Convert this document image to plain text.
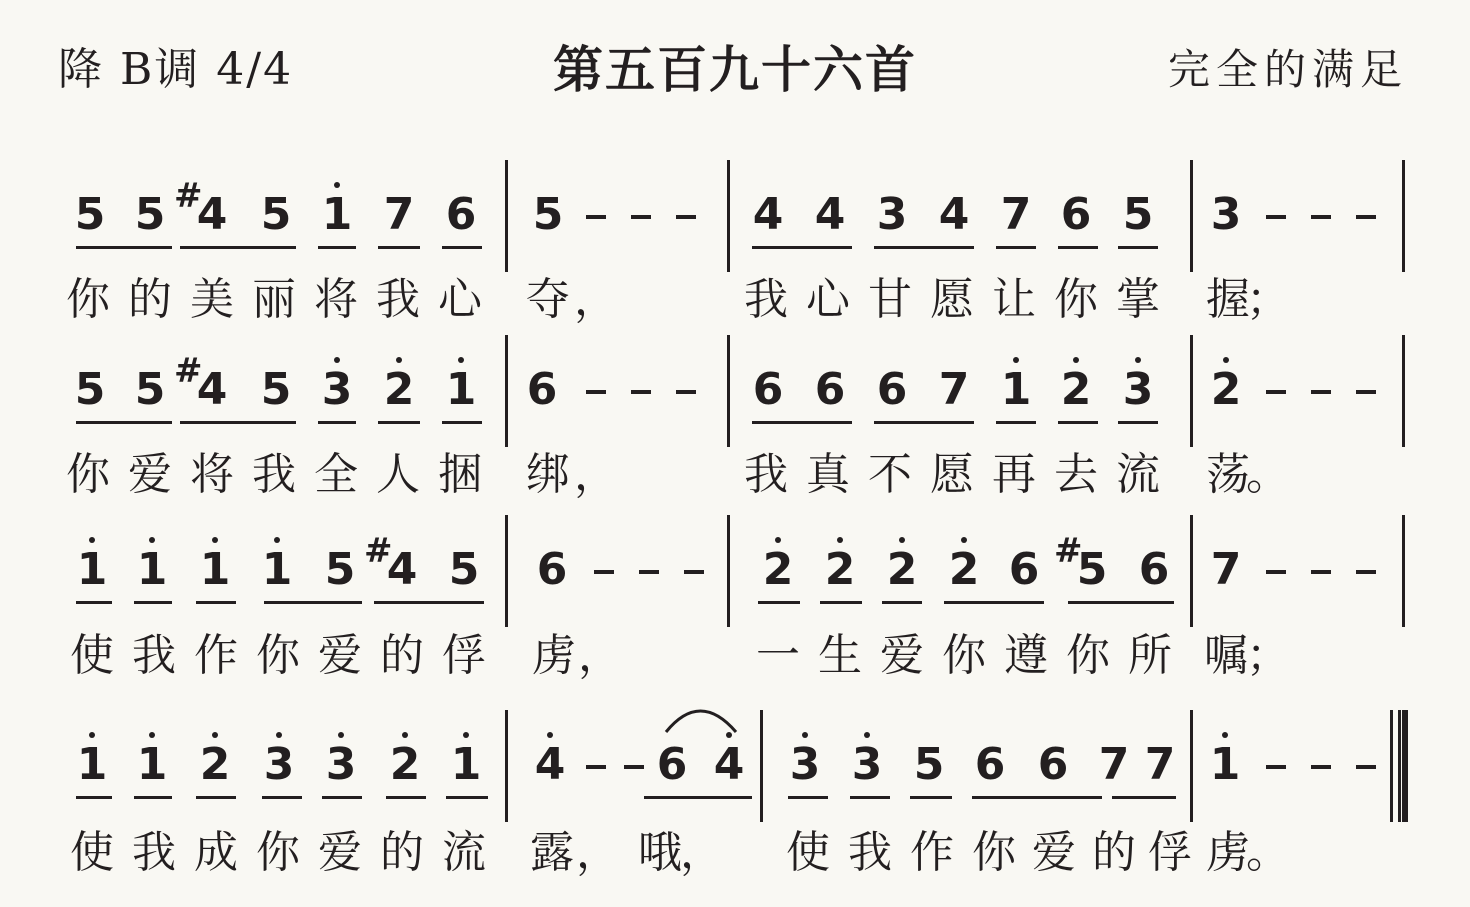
降 B调 4/4	第五百九十六首	完全的满足
5 5 4
# 5 1 7 6 5	4 4 3 4 7 6 5 3
你 的 美 丽 将 我 心 夺 ，	我 心 甘 愿 让 你 掌 握
；
5 5 4
# 5 3 2 1 6	6 6 6 7 1 2 3 2
你 爱 将 我 全 人 捆 绑 ，	我 真 不 愿 再 去 流 荡
。
1 1 1 1 5 4
# 5 6	2 2 2 2 6 5
# 6 7
使 我 作 你 爱 的 俘 虏 ，	一 生 爱 你 遵 你 所 嘱
；
1 1 2 3 3 2 1 4 6 4 3 3 5 6 6 7 7 1
使 我 成 你 爱 的 流 露 ， 哦
， 使 我 作 你 爱 的 俘 虏
。
